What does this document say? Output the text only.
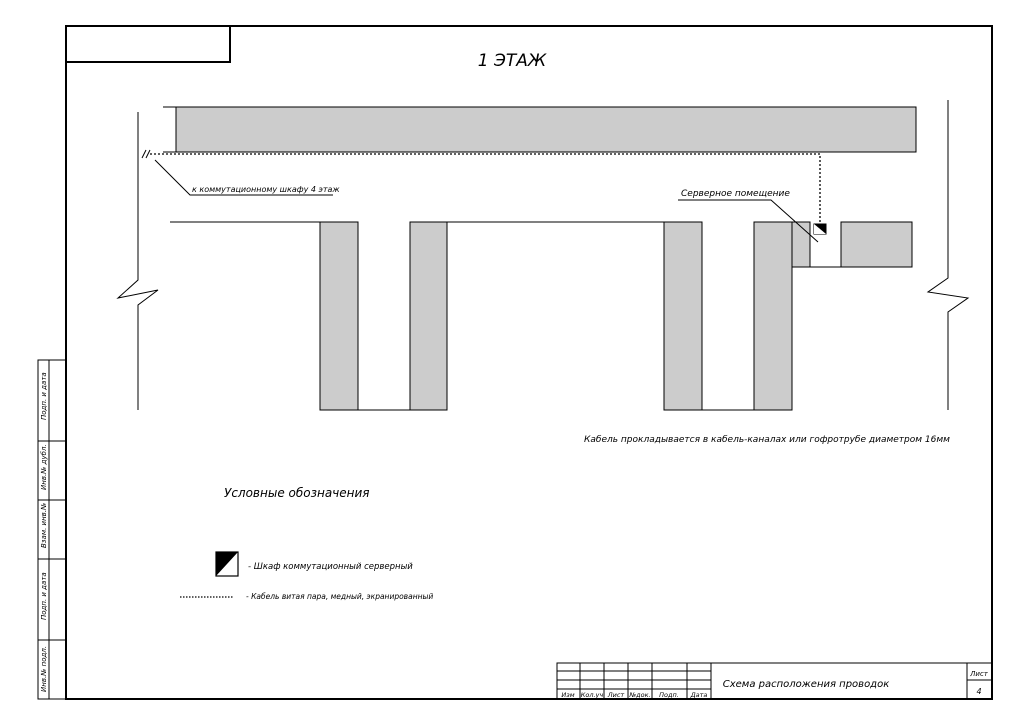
1 ЭТАЖ
к коммутационному шкафу 4 этаж	Серверное помещение
Кабель прокладывается в кабель-каналах или гофротрубе диаметром 16мм
Условные обозначения
- Шкаф коммутационный серверный
- Кабель витая пара, медный, экранированный
Подп. и дата
Инв.№ дубл.
Взам. инв.№
Подп. и дата
Инв.№ подл.
Изм Кол.уч Лист №док. Подп. Дата
Схема расположения проводок
Лист
4
